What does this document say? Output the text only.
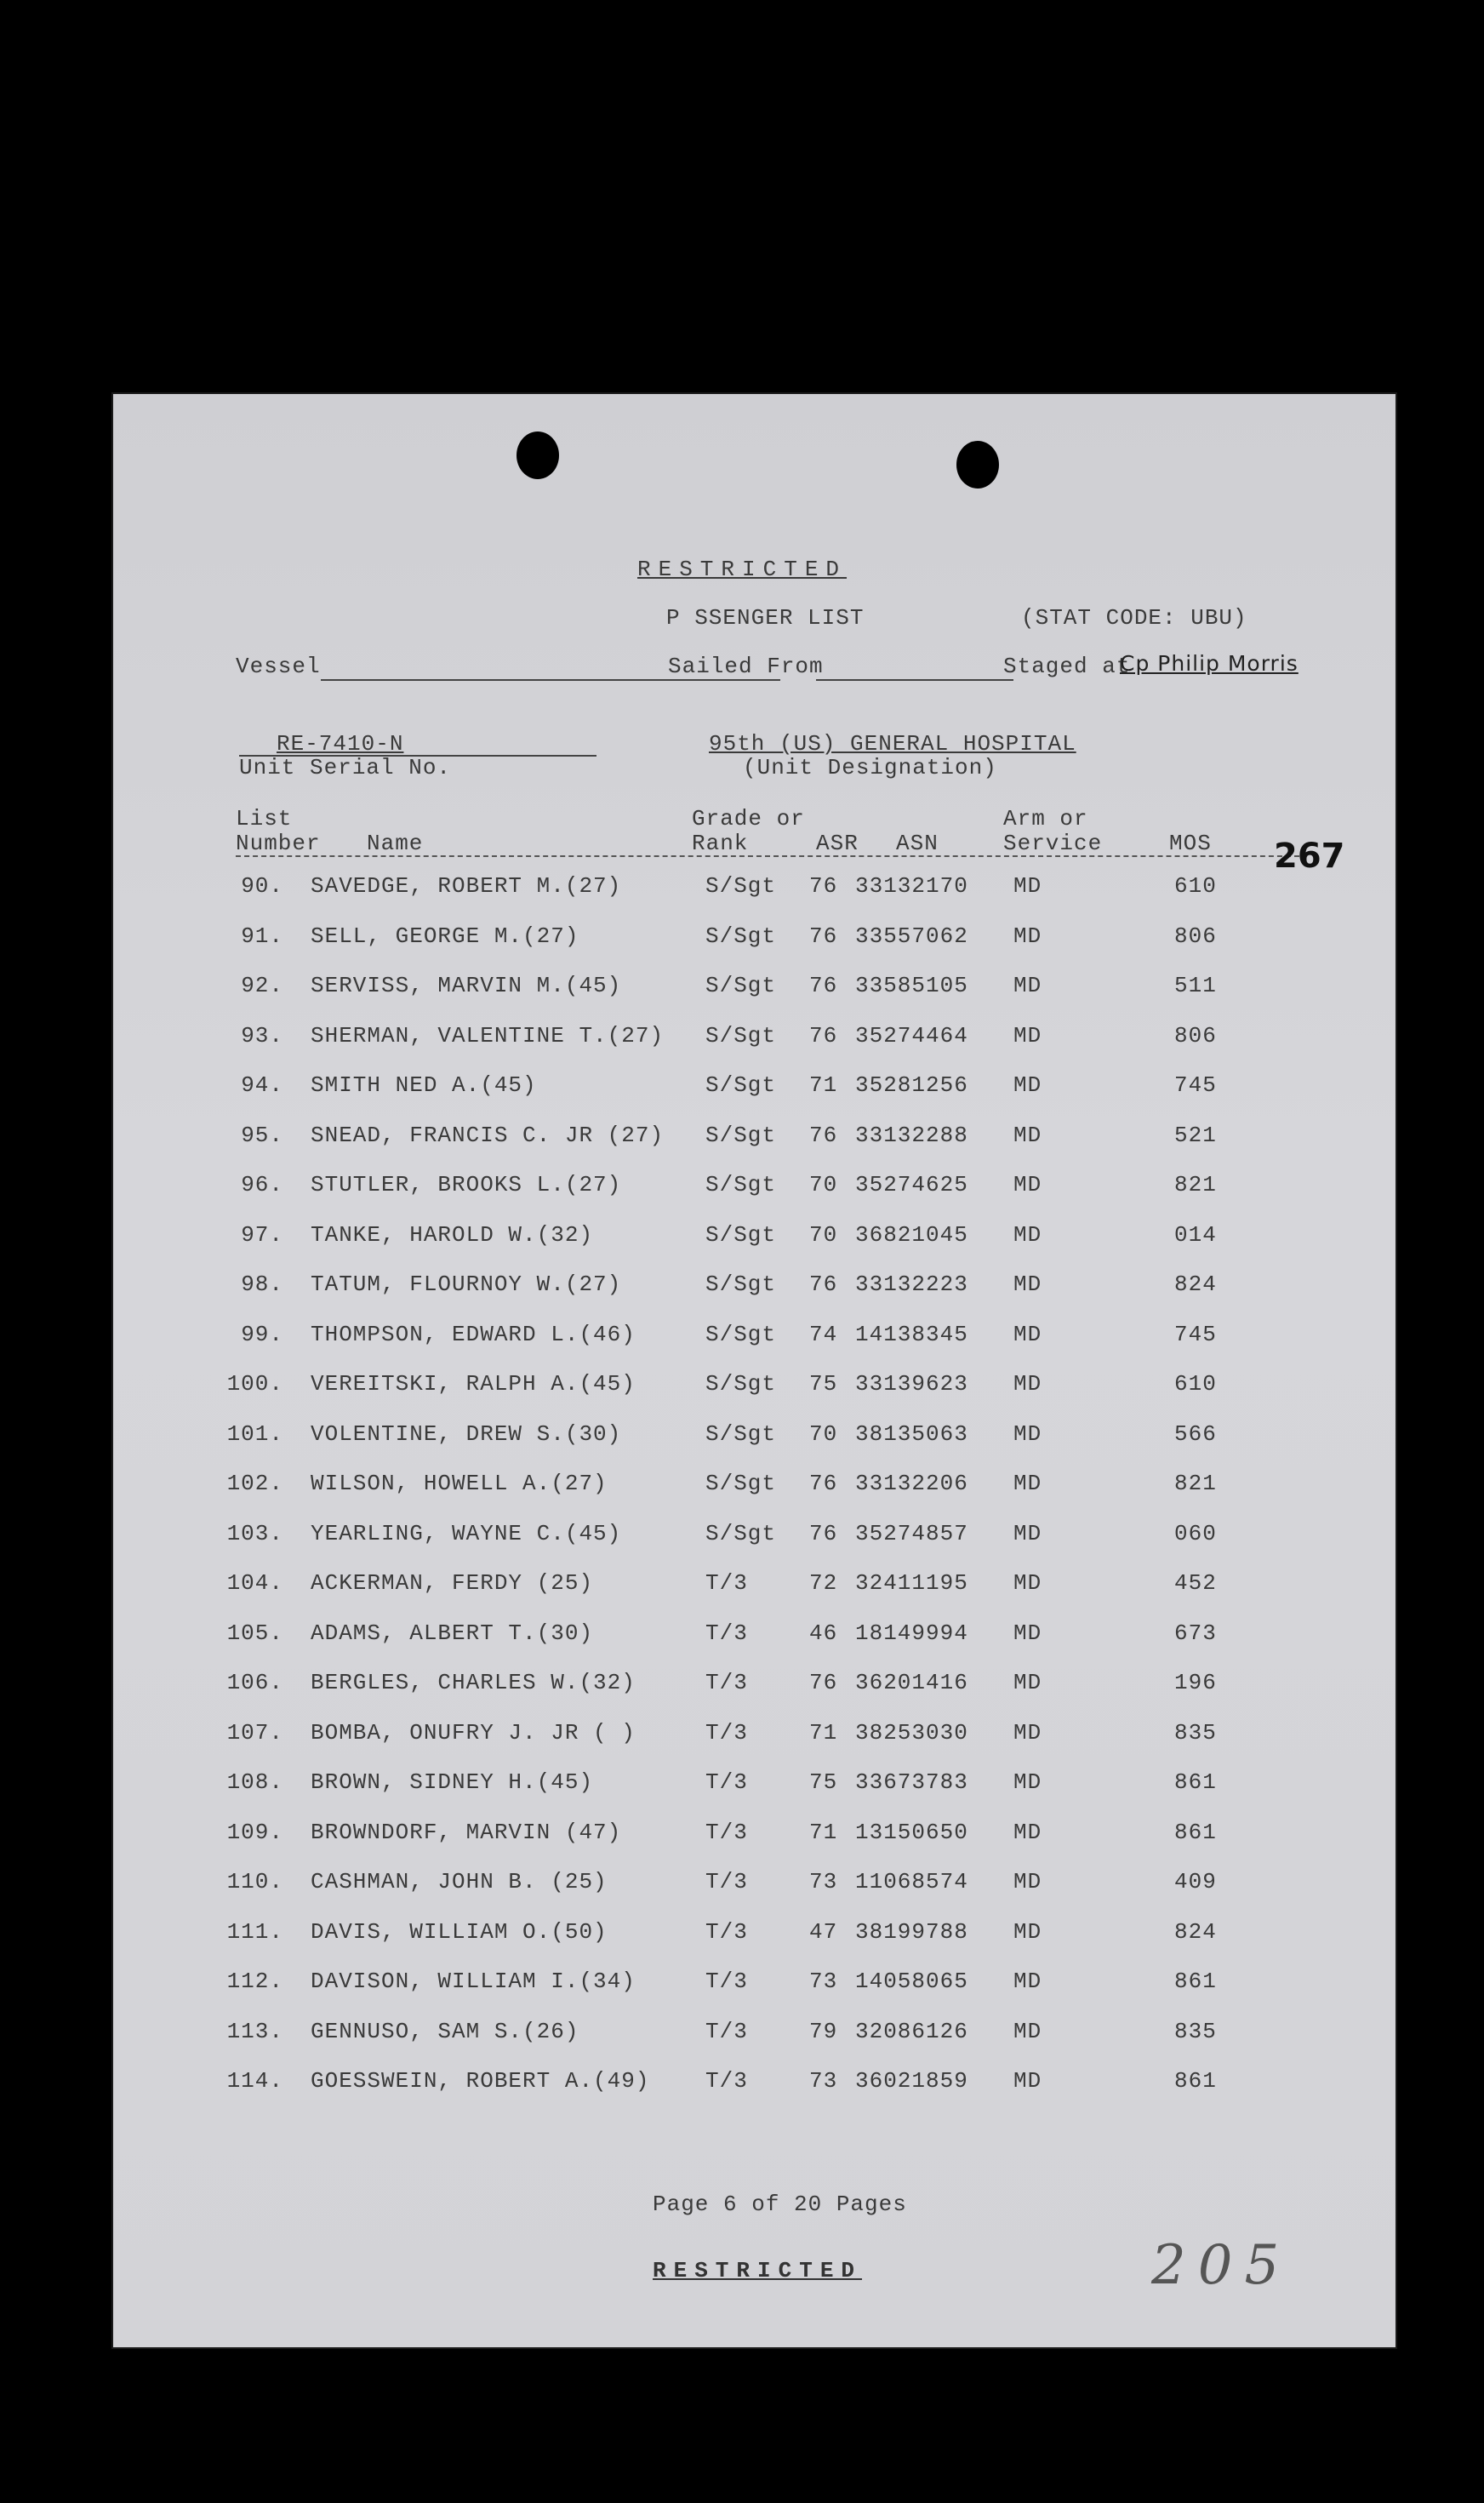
RESTRICTED
P SSENGER LIST	(STAT CODE: UBU)
Vessel	Sailed From	Staged at
Cp Philip Morris
RE-7410-N
Unit Serial No.
95th (US) GENERAL HOSPITAL
(Unit Designation)
List
Number Name
Grade or
Rank	ASR ASN
Arm or
Service	MOS 267
90. SAVEDGE, ROBERT M.(27)	S/Sgt 76 33132170 MD	610
91. SELL, GEORGE M.(27)	S/Sgt 76 33557062 MD	806
92. SERVISS, MARVIN M.(45)	S/Sgt 76 33585105 MD	511
93. SHERMAN, VALENTINE T.(27) S/Sgt 76 35274464 MD	806
94. SMITH NED A.(45)	S/Sgt 71 35281256 MD	745
95. SNEAD, FRANCIS C. JR (27) S/Sgt 76 33132288 MD	521
96. STUTLER, BROOKS L.(27)	S/Sgt 70 35274625 MD	821
97. TANKE, HAROLD W.(32)	S/Sgt 70 36821045 MD	014
98. TATUM, FLOURNOY W.(27)	S/Sgt 76 33132223 MD	824
99. THOMPSON, EDWARD L.(46)	S/Sgt 74 14138345 MD	745
100. VEREITSKI, RALPH A.(45)	S/Sgt 75 33139623 MD	610
101. VOLENTINE, DREW S.(30)	S/Sgt 70 38135063 MD	566
102. WILSON, HOWELL A.(27)	S/Sgt 76 33132206 MD	821
103. YEARLING, WAYNE C.(45)	S/Sgt 76 35274857 MD	060
104. ACKERMAN, FERDY (25)	T/3	72 32411195 MD	452
105. ADAMS, ALBERT T.(30)	T/3	46 18149994 MD	673
106. BERGLES, CHARLES W.(32)	T/3	76 36201416 MD	196
107. BOMBA, ONUFRY J. JR ( )	T/3	71 38253030 MD	835
108. BROWN, SIDNEY H.(45)	T/3	75 33673783 MD	861
109. BROWNDORF, MARVIN (47)	T/3	71 13150650 MD	861
110. CASHMAN, JOHN B. (25)	T/3	73 11068574 MD	409
111. DAVIS, WILLIAM O.(50)	T/3	47 38199788 MD	824
112. DAVISON, WILLIAM I.(34)	T/3	73 14058065 MD	861
113. GENNUSO, SAM S.(26)	T/3	79 32086126 MD	835
114. GOESSWEIN, ROBERT A.(49)	T/3	73 36021859 MD	861
Page 6 of 20 Pages
RESTRICTED	205
